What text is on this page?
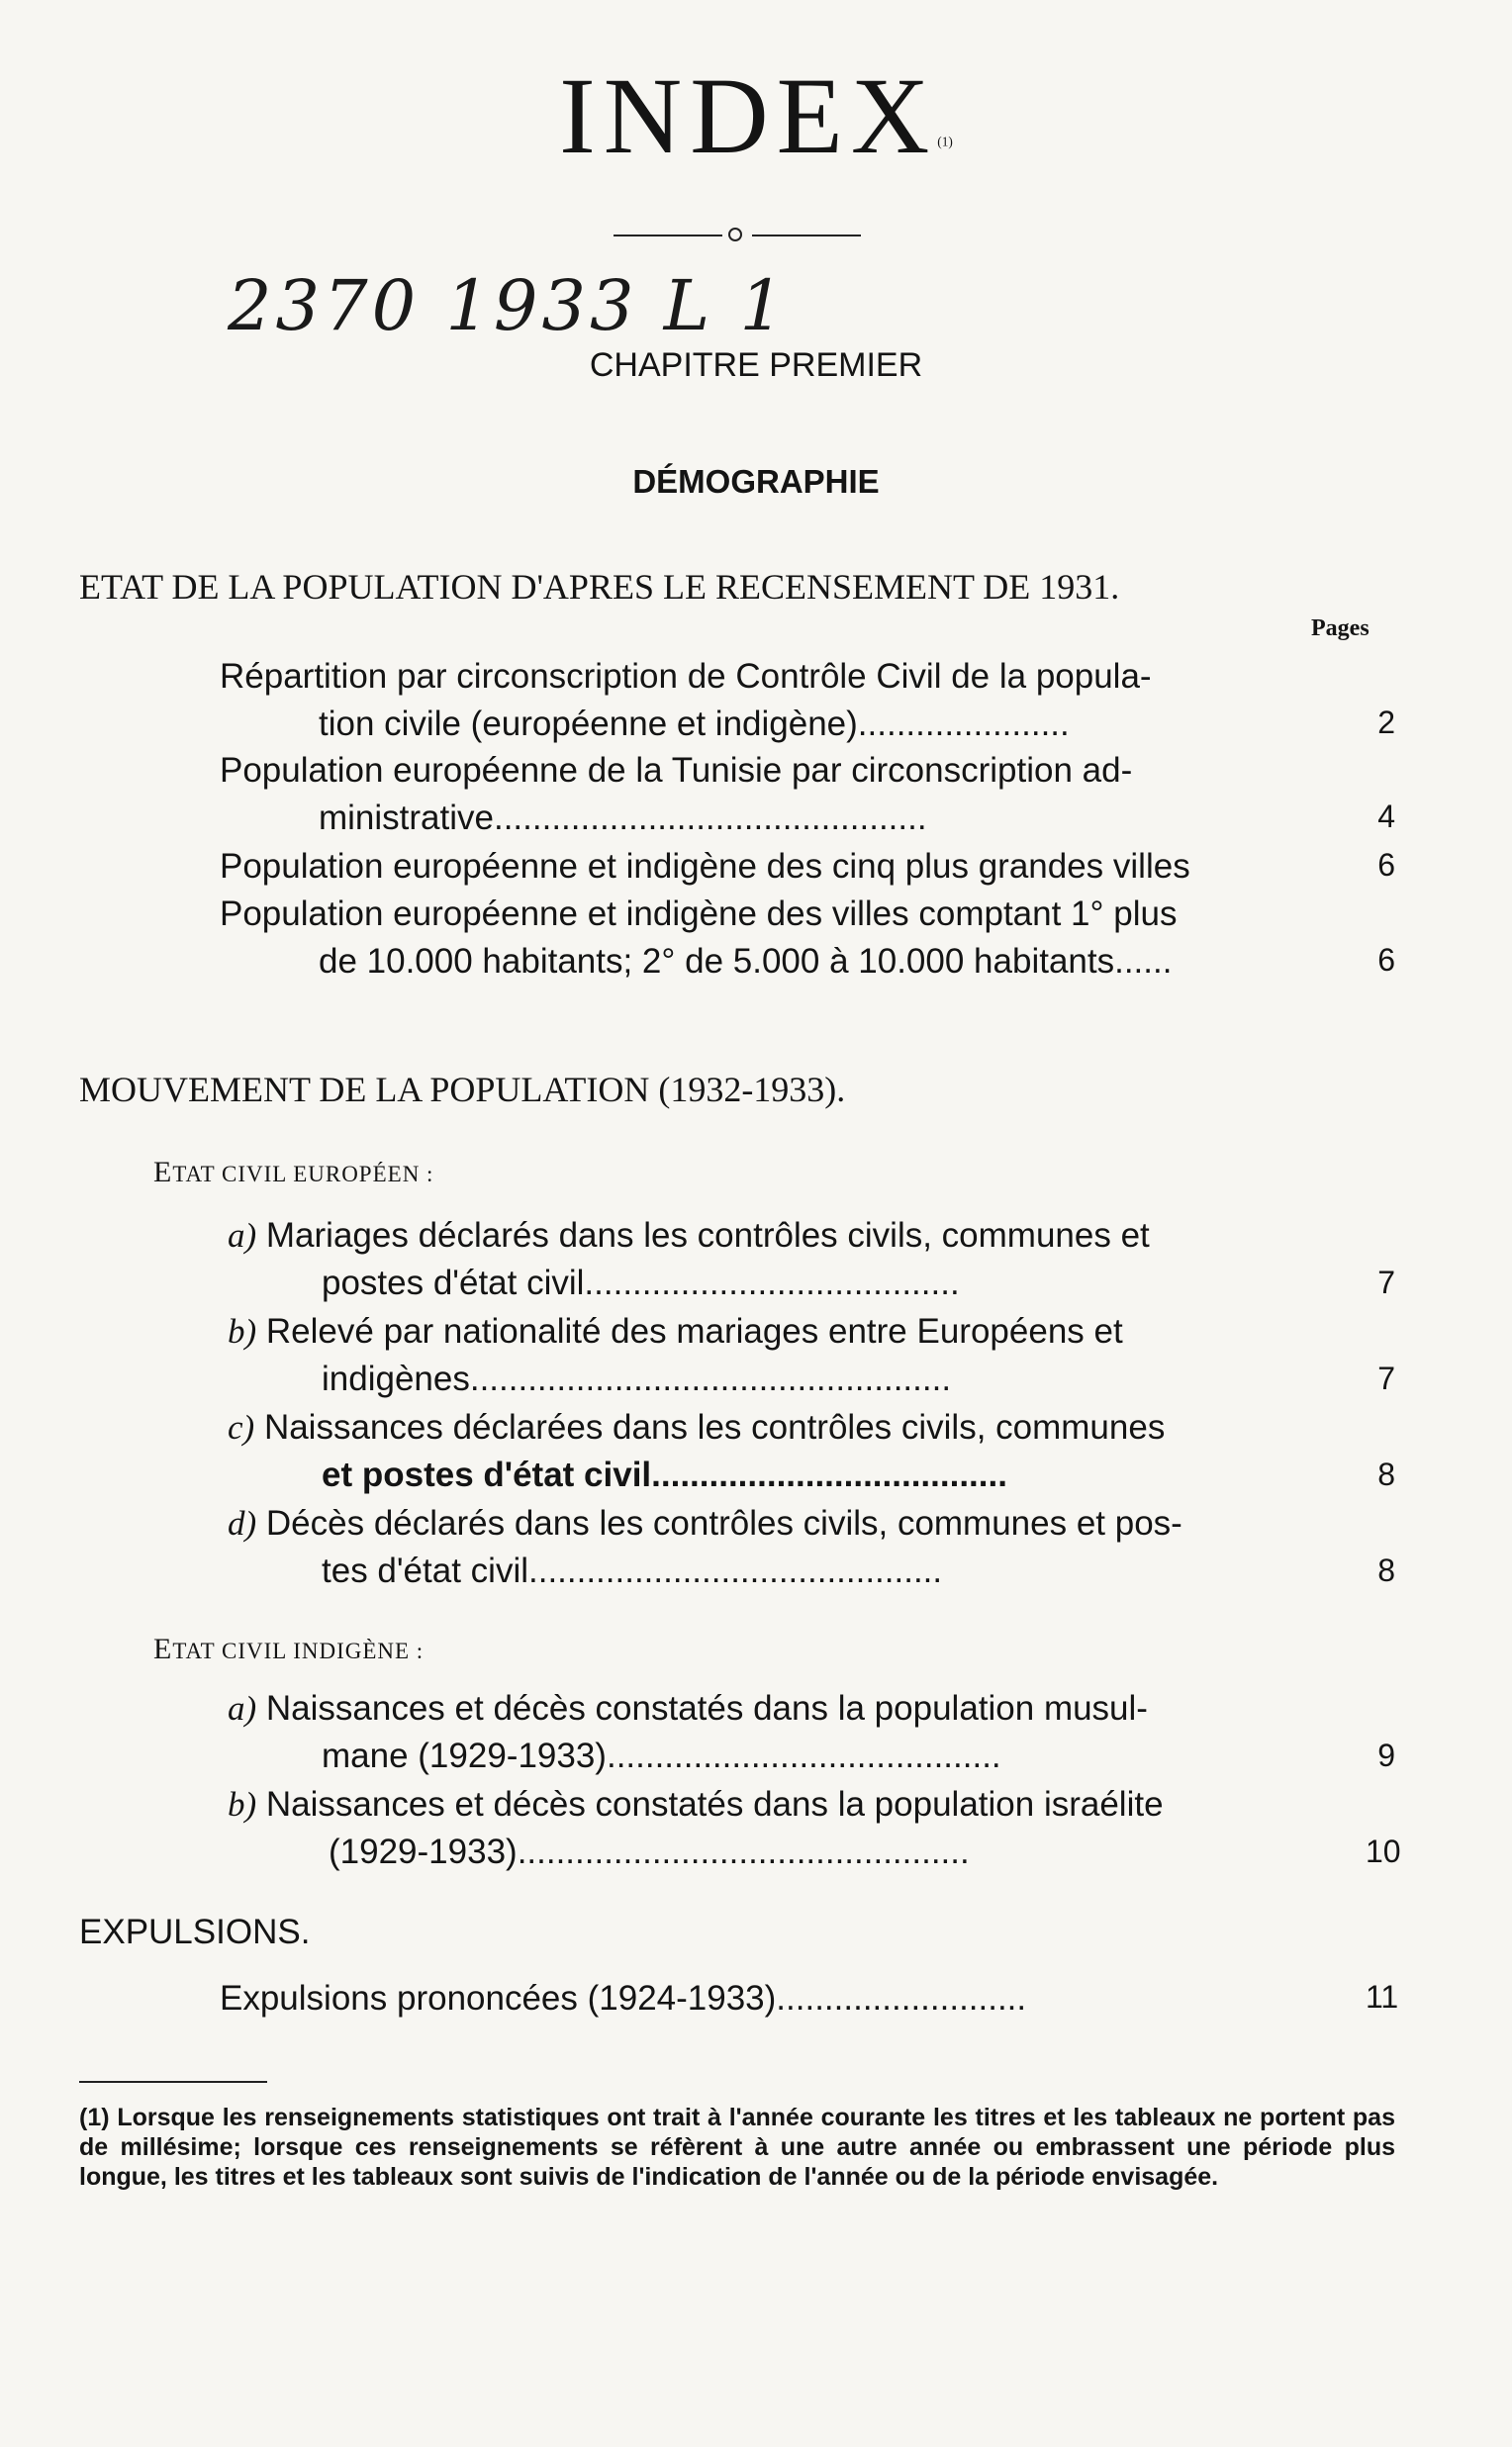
INDEX$^{(1)}$
2370 1933 L 1
CHAPITRE PREMIER
DÉMOGRAPHIE
ETAT DE LA POPULATION D'APRES LE RECENSEMENT DE 1931.
Pages
Répartition par circonscription de Contrôle Civil de la popula-
tion civile (européenne et indigène)......................	2
Population européenne de la Tunisie par circonscription ad-
ministrative.............................................	4
Population européenne et indigène des cinq plus grandes villes	6
Population européenne et indigène des villes comptant 1° plus
de 10.000 habitants; 2° de 5.000 à 10.000 habitants......	6
MOUVEMENT DE LA POPULATION (1932-1933).
ETAT CIVIL EUROPÉEN :
a) Mariages déclarés dans les contrôles civils, communes et
postes d'état civil.......................................	7
b) Relevé par nationalité des mariages entre Européens et
indigènes..................................................	7
c) Naissances déclarées dans les contrôles civils, communes
et postes d'état civil.....................................	8
d) Décès déclarés dans les contrôles civils, communes et pos-
tes d'état civil...........................................	8
ETAT CIVIL INDIGÈNE :
a) Naissances et décès constatés dans la population musul-
mane (1929-1933).........................................	9
b) Naissances et décès constatés dans la population israélite
(1929-1933)...............................................	10
EXPULSIONS.
Expulsions prononcées (1924-1933)..........................	11
(1) Lorsque les renseignements statistiques ont trait à l'année courante les titres et les tableaux ne portent pas de millésime; lorsque ces renseignements se réfèrent à une autre année ou embrassent une période plus longue, les titres et les tableaux sont suivis de l'indication de l'année ou de la période envisagée.
